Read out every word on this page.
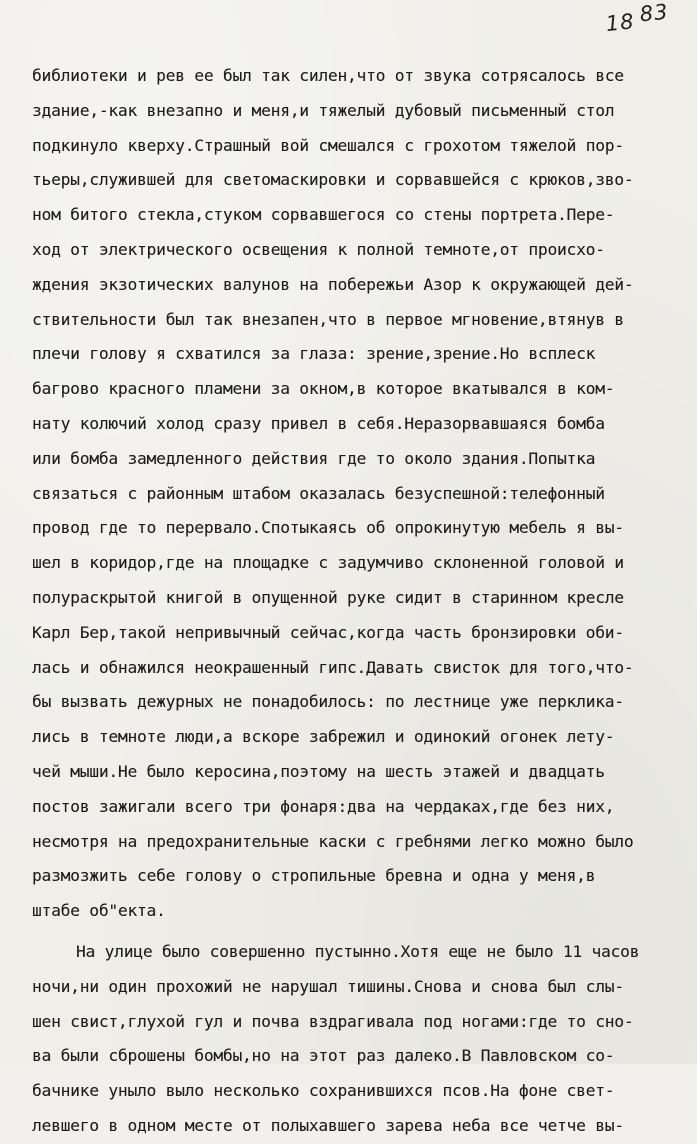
18 83
библиотеки и рев ее был так силен,что от звука сотрясалось все
здание,-как внезапно и меня,и тяжелый дубовый письменный стол
подкинуло кверху.Страшный вой смешался с грохотом тяжелой пор-
тьеры,служившей для светомаскировки и сорвавшейся с крюков,зво-
ном битого стекла,стуком сорвавшегося со стены портрета.Пере-
ход от электрического освещения к полной темноте,от происхо-
ждения экзотических валунов на побережьи Азор к окружающей дей-
ствительности был так внезапен,что в первое мгновение,втянув в
плечи голову я схватился за глаза: зрение,зрение.Но всплеск
багрово красного пламени за окном,в которое вкатывался в ком-
нату колючий холод сразу привел в себя.Неразорвавшаяся бомба
или бомба замедленного действия где то около здания.Попытка
связаться с районным штабом оказалась безуспешной:телефонный
провод где то перервало.Спотыкаясь об опрокинутую мебель я вы-
шел в коридор,где на площадке с задумчиво склоненной головой и
полураскрытой книгой в опущенной руке сидит в старинном кресле
Карл Бер,такой непривычный сейчас,когда часть бронзировки оби-
лась и обнажился неокрашенный гипс.Давать свисток для того,что-
бы вызвать дежурных не понадобилось: по лестнице уже перклика-
лись в темноте люди,а вскоре забрежил и одинокий огонек лету-
чей мыши.Не было керосина,поэтому на шесть этажей и двадцать
постов зажигали всего три фонаря:два на чердаках,где без них,
несмотря на предохранительные каски с гребнями легко можно было
размозжить себе голову о стропильные бревна и одна у меня,в
штабе об"екта.
На улице было совершенно пустынно.Хотя еще не было 11 часов
ночи,ни один прохожий не нарушал тишины.Снова и снова был слы-
шен свист,глухой гул и почва вздрагивала под ногами:где то сно-
ва были сброшены бомбы,но на этот раз далеко.В Павловском со-
бачнике уныло выло несколько сохранившихся псов.На фоне свет-
левшего в одном месте от полыхавшего зарева неба все четче вы-
